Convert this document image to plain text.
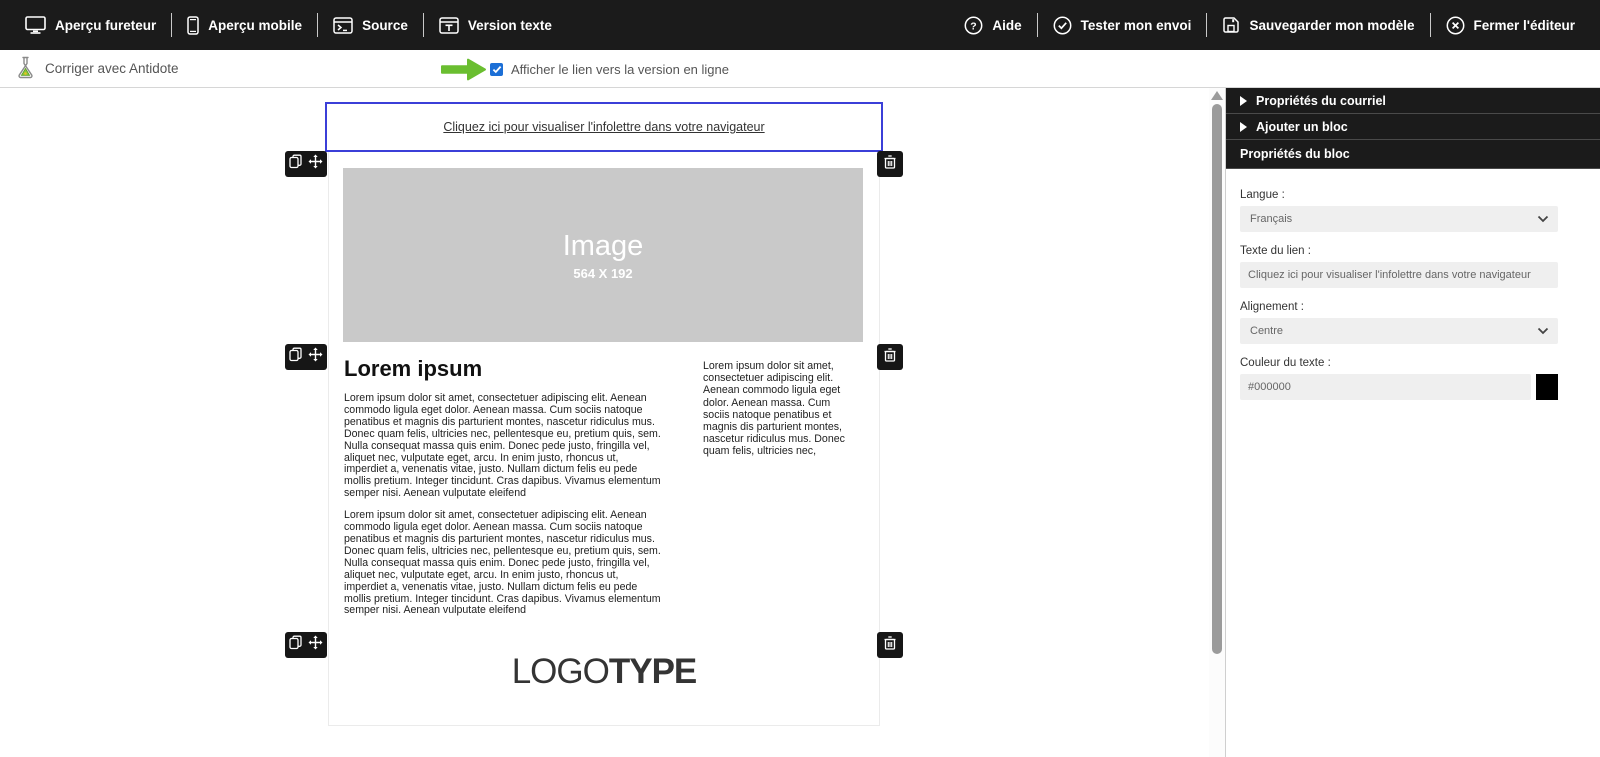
Aperçu fureteur	Aperçu mobile	Source	Version texte	? Aide	Tester mon envoi	Sauvegarder mon modèle	Fermer l'éditeur
Corriger avec Antidote	Afficher le lien vers la version en ligne
Cliquez ici pour visualiser l'infolettre dans votre navigateur
Image
564 X 192
Lorem ipsum

Lorem ipsum dolor sit amet, consectetuer adipiscing elit. Aenean commodo ligula eget dolor. Aenean massa. Cum sociis natoque penatibus et magnis dis parturient montes, nascetur ridiculus mus. Donec quam felis, ultricies nec, pellentesque eu, pretium quis, sem. Nulla consequat massa quis enim. Donec pede justo, fringilla vel, aliquet nec, vulputate eget, arcu. In enim justo, rhoncus ut, imperdiet a, venenatis vitae, justo. Nullam dictum felis eu pede mollis pretium. Integer tincidunt. Cras dapibus. Vivamus elementum semper nisi. Aenean vulputate eleifend

Lorem ipsum dolor sit amet, consectetuer adipiscing elit. Aenean commodo ligula eget dolor. Aenean massa. Cum sociis natoque penatibus et magnis dis parturient montes, nascetur ridiculus mus. Donec quam felis, ultricies nec, pellentesque eu, pretium quis, sem. Nulla consequat massa quis enim. Donec pede justo, fringilla vel, aliquet nec, vulputate eget, arcu. In enim justo, rhoncus ut, imperdiet a, venenatis vitae, justo. Nullam dictum felis eu pede mollis pretium. Integer tincidunt. Cras dapibus. Vivamus elementum semper nisi. Aenean vulputate eleifend

Lorem ipsum dolor sit amet, consectetuer adipiscing elit. Aenean commodo ligula eget dolor. Aenean massa. Cum sociis natoque penatibus et magnis dis parturient montes, nascetur ridiculus mus. Donec quam felis, ultricies nec,

LOGOTYPE
Propriétés du courriel
Ajouter un bloc
Propriétés du bloc
Langue :
Français
Texte du lien :
Cliquez ici pour visualiser l'infolettre dans votre navigateur
Alignement :
Centre
Couleur du texte :
#000000
